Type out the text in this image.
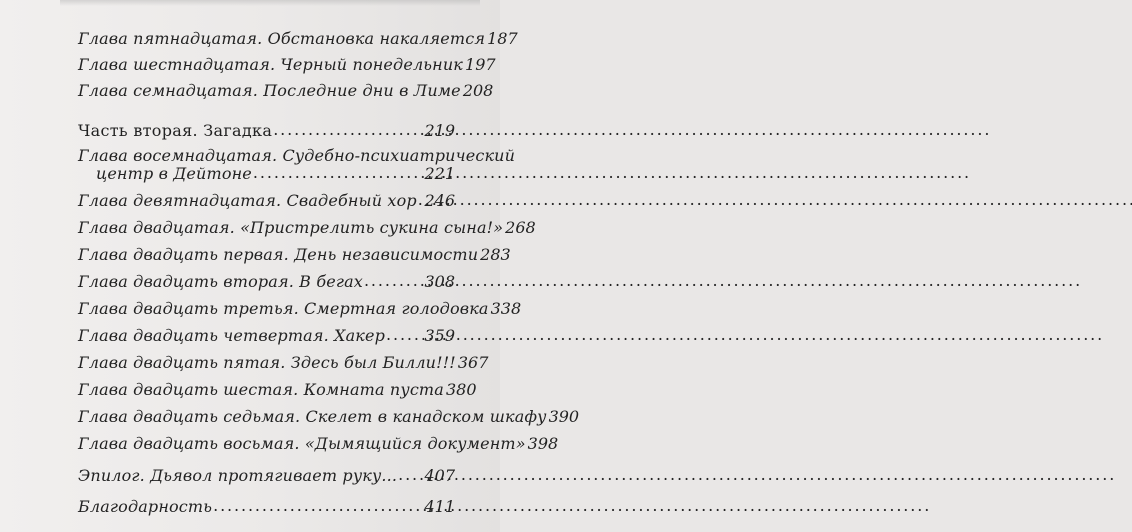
Глава пятнадцатая. Обстановка накаляется 187
Глава шестнадцатая. Черный понедельник 197
Глава семнадцатая. Последние дни в Лиме 208
Часть вторая. Загадка . . .	219
Глава восемнадцатая. Судебно-психиатрический
центр в Дейтоне . . .	221
Глава девятнадцатая. Свадебный хор . . . 246
Глава двадцатая. «Пристрелить сукина сына!» 268
Глава двадцать первая. День независимости 283
Глава двадцать вторая. В бегах . . .	308
Глава двадцать третья. Смертная голодовка 338
Глава двадцать четвертая. Хакер . . . 359
Глава двадцать пятая. Здесь был Билли!!! 367
Глава двадцать шестая. Комната пуста 380
Глава двадцать седьмая. Скелет в канадском шкафу 390
Глава двадцать восьмая. «Дымящийся документ» 398
Эпилог. Дьявол протягивает руку... . . . 407
Благодарность . . .	411
